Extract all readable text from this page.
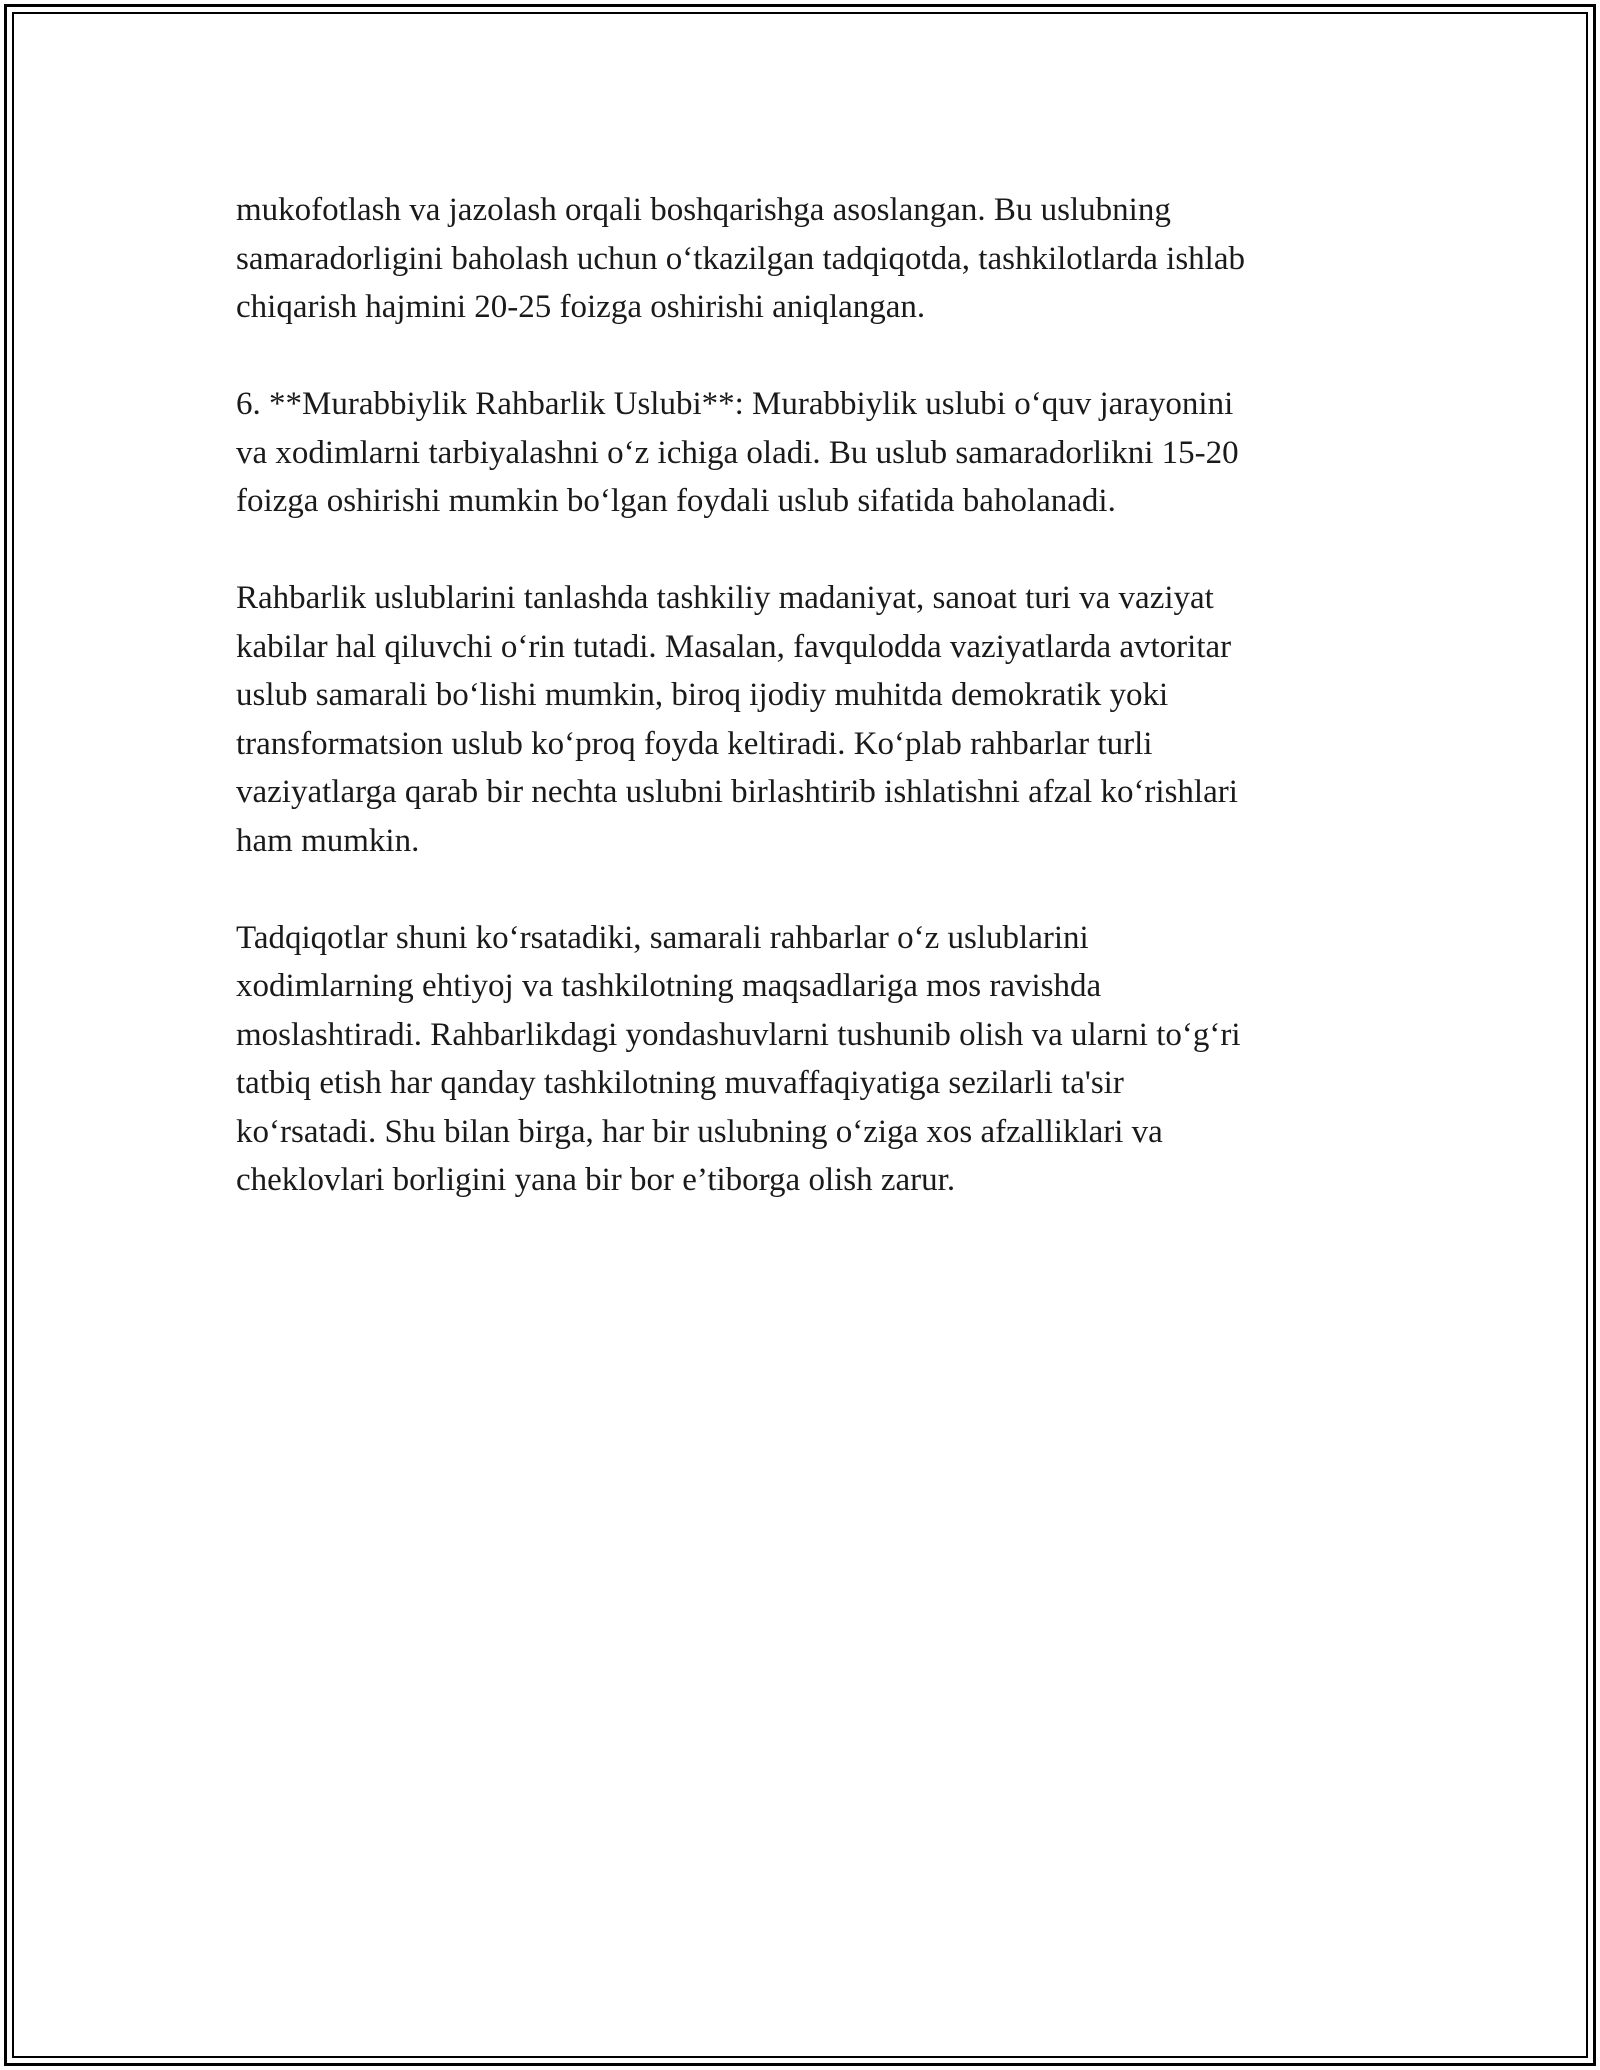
mukofotlash va jazolash orqali boshqarishga asoslangan. Bu uslubning
samaradorligini baholash uchun oʻtkazilgan tadqiqotda, tashkilotlarda ishlab
chiqarish hajmini 20-25 foizga oshirishi aniqlangan.

6. **Murabbiylik Rahbarlik Uslubi**: Murabbiylik uslubi oʻquv jarayonini
va xodimlarni tarbiyalashni oʻz ichiga oladi. Bu uslub samaradorlikni 15-20
foizga oshirishi mumkin boʻlgan foydali uslub sifatida baholanadi.

Rahbarlik uslublarini tanlashda tashkiliy madaniyat, sanoat turi va vaziyat
kabilar hal qiluvchi oʻrin tutadi. Masalan, favqulodda vaziyatlarda avtoritar
uslub samarali boʻlishi mumkin, biroq ijodiy muhitda demokratik yoki
transformatsion uslub koʻproq foyda keltiradi. Koʻplab rahbarlar turli
vaziyatlarga qarab bir nechta uslubni birlashtirib ishlatishni afzal koʻrishlari
ham mumkin.

Tadqiqotlar shuni koʻrsatadiki, samarali rahbarlar oʻz uslublarini
xodimlarning ehtiyoj va tashkilotning maqsadlariga mos ravishda
moslashtiradi. Rahbarlikdagi yondashuvlarni tushunib olish va ularni toʻgʻri
tatbiq etish har qanday tashkilotning muvaffaqiyatiga sezilarli ta'sir
koʻrsatadi. Shu bilan birga, har bir uslubning oʻziga xos afzalliklari va
cheklovlari borligini yana bir bor e’tiborga olish zarur.
